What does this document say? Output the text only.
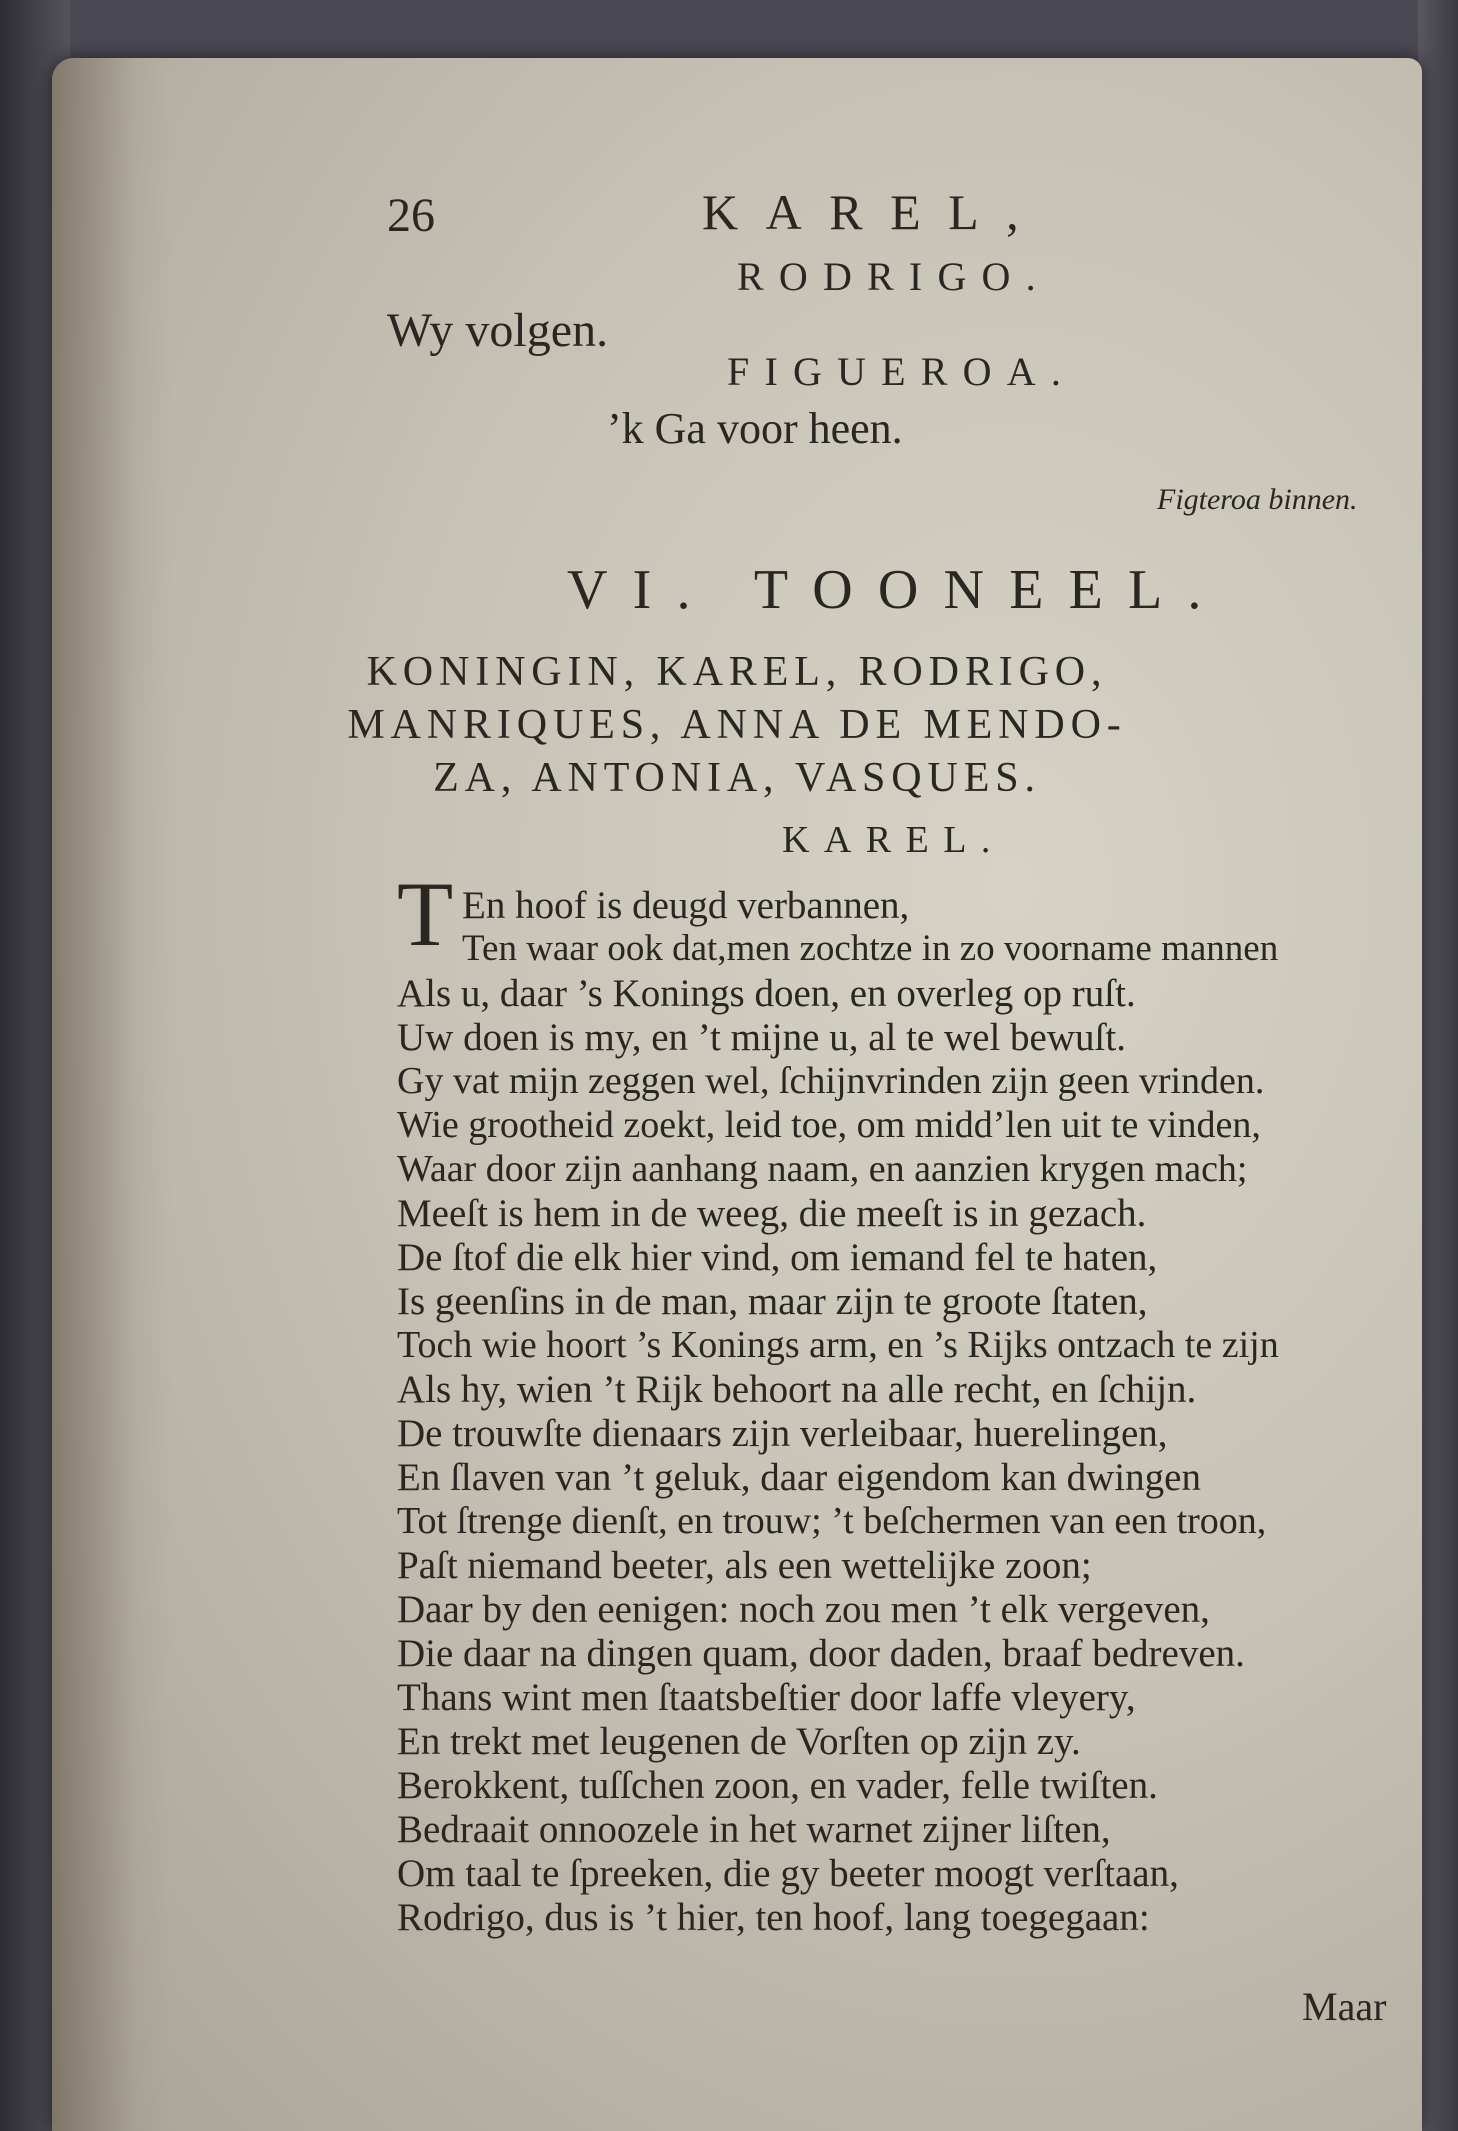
26	KAREL,
RODRIGO.
Wy volgen.
FIGUEROA.
’k Ga voor heen.
Figteroa binnen.
VI. TOONEEL.
KONINGIN, KAREL, RODRIGO,
MANRIQUES, ANNA DE MENDO-
ZA, ANTONIA, VASQUES.
KAREL.
T En hoof is deugd verbannen,
Ten waar ook dat,men zochtze in zo voorname mannen
Als u, daar ’s Konings doen, en overleg op ruſt.
Uw doen is my, en ’t mijne u, al te wel bewuſt.
Gy vat mijn zeggen wel, ſchijnvrinden zijn geen vrinden.
Wie grootheid zoekt, leid toe, om midd’len uit te vinden,
Waar door zijn aanhang naam, en aanzien krygen mach;
Meeſt is hem in de weeg, die meeſt is in gezach.
De ſtof die elk hier vind, om iemand fel te haten,
Is geenſins in de man, maar zijn te groote ſtaten,
Toch wie hoort ’s Konings arm, en ’s Rijks ontzach te zijn
Als hy, wien ’t Rijk behoort na alle recht, en ſchijn.
De trouwſte dienaars zijn verleibaar, huerelingen,
En ſlaven van ’t geluk, daar eigendom kan dwingen
Tot ſtrenge dienſt, en trouw; ’t beſchermen van een troon,
Paſt niemand beeter, als een wettelijke zoon;
Daar by den eenigen: noch zou men ’t elk vergeven,
Die daar na dingen quam, door daden, braaf bedreven.
Thans wint men ſtaatsbeſtier door laffe vleyery,
En trekt met leugenen de Vorſten op zijn zy.
Berokkent, tuſſchen zoon, en vader, felle twiſten.
Bedraait onnoozele in het warnet zijner liſten,
Om taal te ſpreeken, die gy beeter moogt verſtaan,
Rodrigo, dus is ’t hier, ten hoof, lang toegegaan:
Maar
